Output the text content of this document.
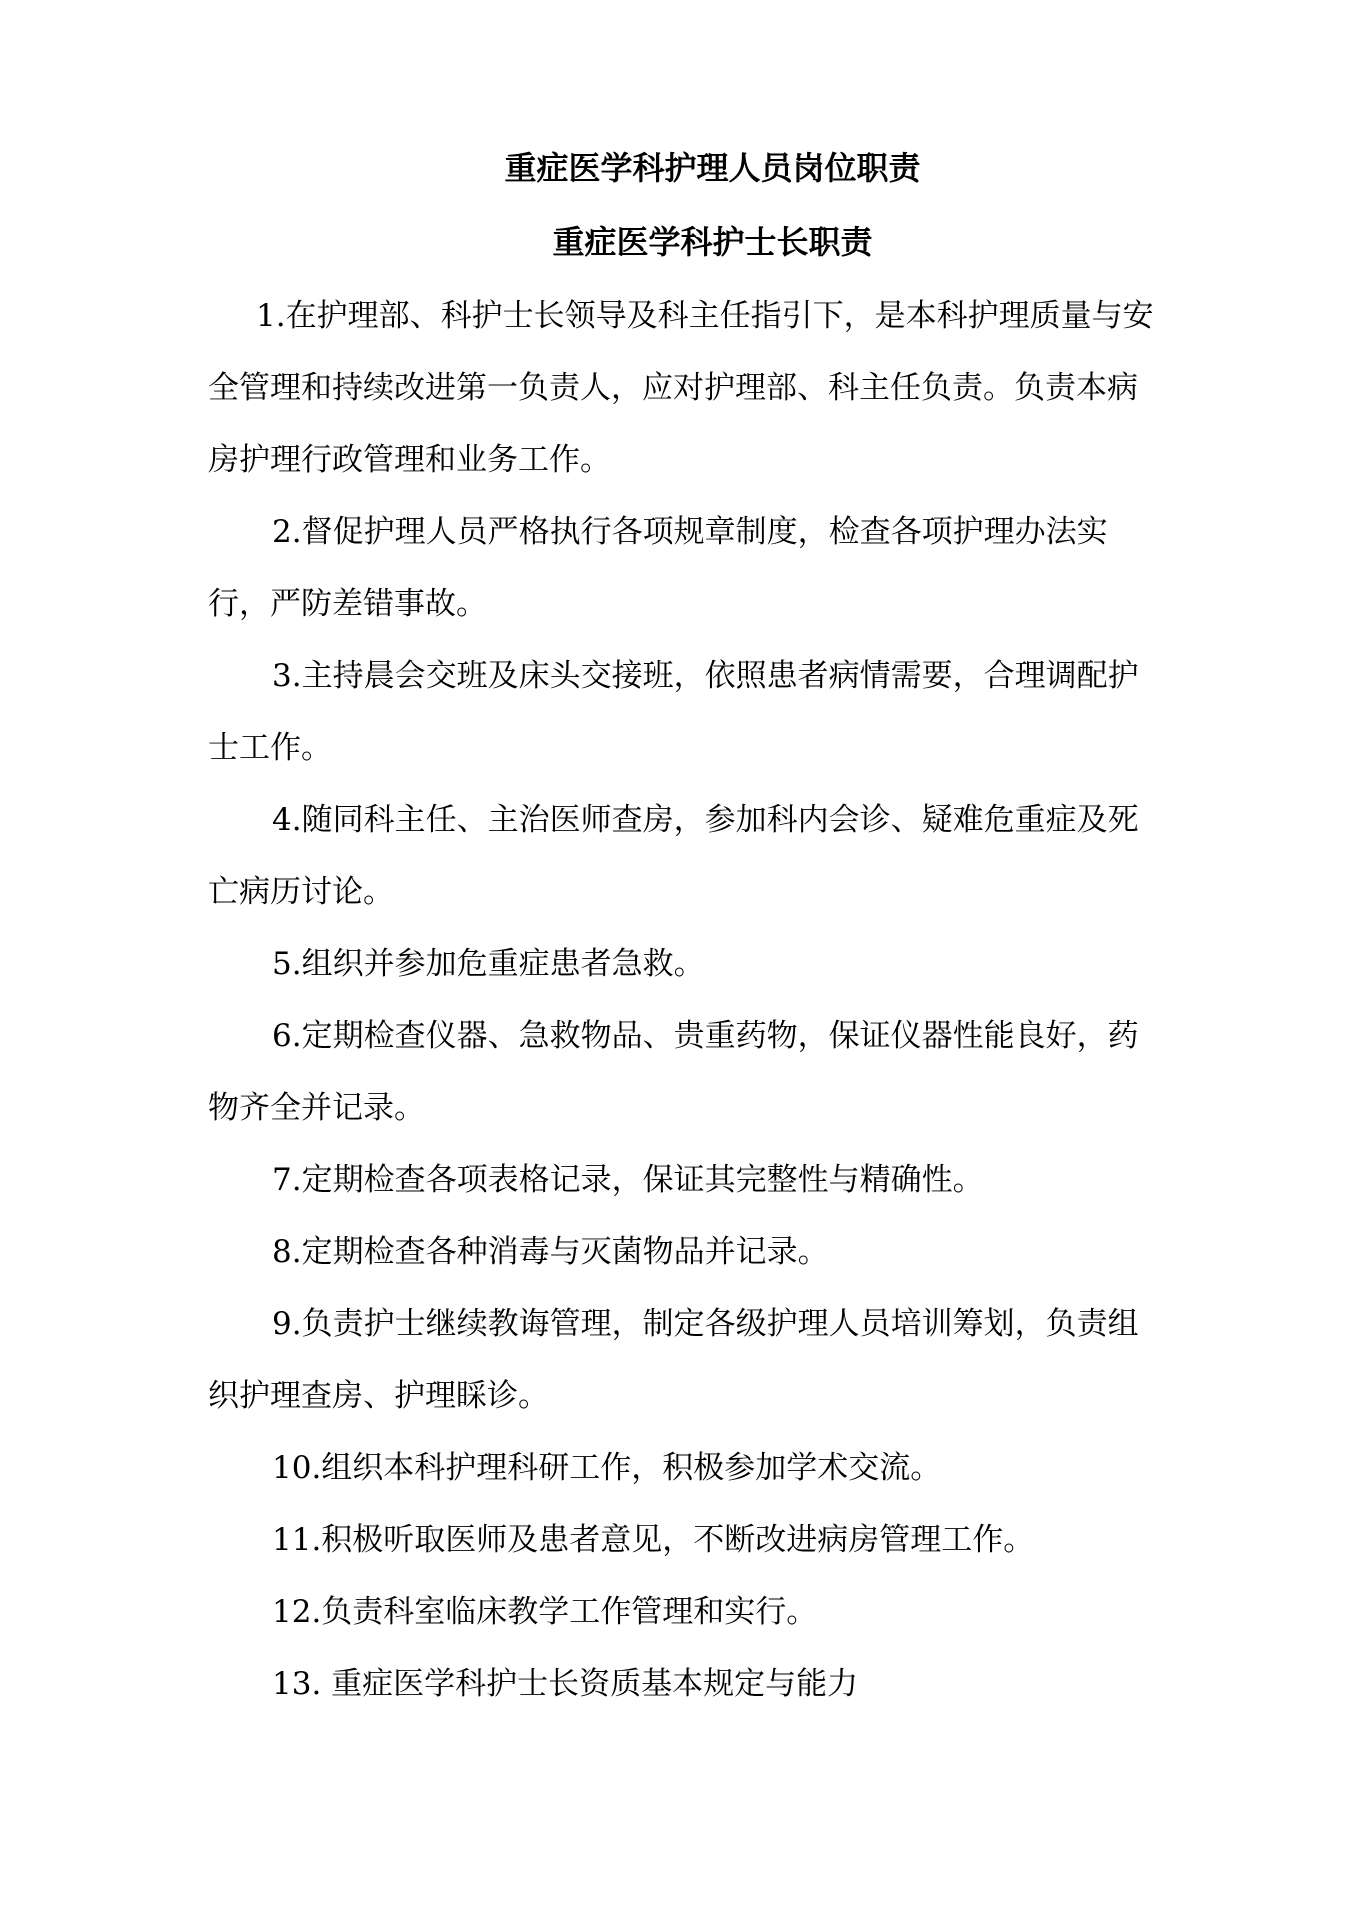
重症医学科护理人员岗位职责
重症医学科护士长职责

1.在护理部、科护士长领导及科主任指引下，是本科护理质量与安全管理和持续改进第一负责人，应对护理部、科主任负责。负责本病房护理行政管理和业务工作。

2.督促护理人员严格执行各项规章制度，检查各项护理办法实行，严防差错事故。

3.主持晨会交班及床头交接班，依照患者病情需要，合理调配护士工作。

4.随同科主任、主治医师查房，参加科内会诊、疑难危重症及死亡病历讨论。

5.组织并参加危重症患者急救。

6.定期检查仪器、急救物品、贵重药物，保证仪器性能良好，药物齐全并记录。

7.定期检查各项表格记录，保证其完整性与精确性。

8.定期检查各种消毒与灭菌物品并记录。

9.负责护士继续教诲管理，制定各级护理人员培训筹划，负责组织护理查房、护理睬诊。

10.组织本科护理科研工作，积极参加学术交流。

11.积极听取医师及患者意见，不断改进病房管理工作。

12.负责科室临床教学工作管理和实行。

13. 重症医学科护士长资质基本规定与能力
